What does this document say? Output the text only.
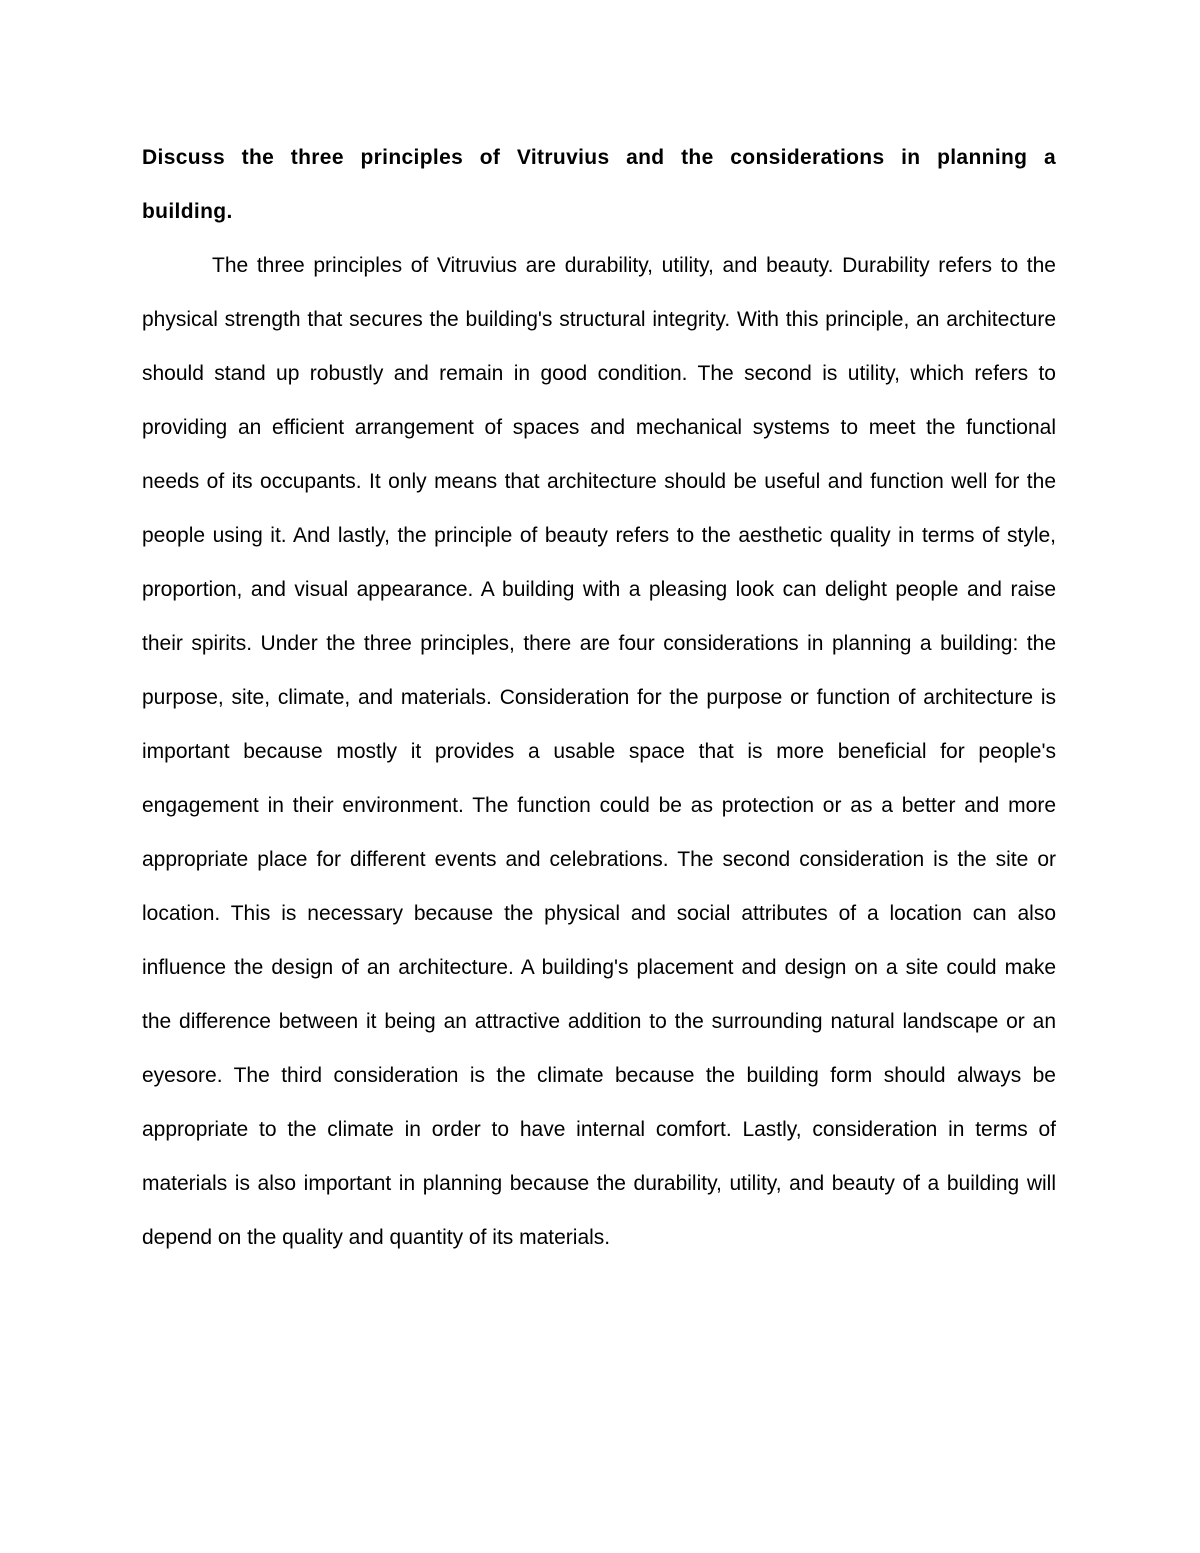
Discuss the three principles of Vitruvius and the considerations in planning a building.

The three principles of Vitruvius are durability, utility, and beauty. Durability refers to the physical strength that secures the building's structural integrity. With this principle, an architecture should stand up robustly and remain in good condition. The second is utility, which refers to providing an efficient arrangement of spaces and mechanical systems to meet the functional needs of its occupants. It only means that architecture should be useful and function well for the people using it. And lastly, the principle of beauty refers to the aesthetic quality in terms of style, proportion, and visual appearance. A building with a pleasing look can delight people and raise their spirits. Under the three principles, there are four considerations in planning a building: the purpose, site, climate, and materials. Consideration for the purpose or function of architecture is important because mostly it provides a usable space that is more beneficial for people's engagement in their environment. The function could be as protection or as a better and more appropriate place for different events and celebrations. The second consideration is the site or location. This is necessary because the physical and social attributes of a location can also influence the design of an architecture. A building's placement and design on a site could make the difference between it being an attractive addition to the surrounding natural landscape or an eyesore. The third consideration is the climate because the building form should always be appropriate to the climate in order to have internal comfort. Lastly, consideration in terms of materials is also important in planning because the durability, utility, and beauty of a building will depend on the quality and quantity of its materials.
